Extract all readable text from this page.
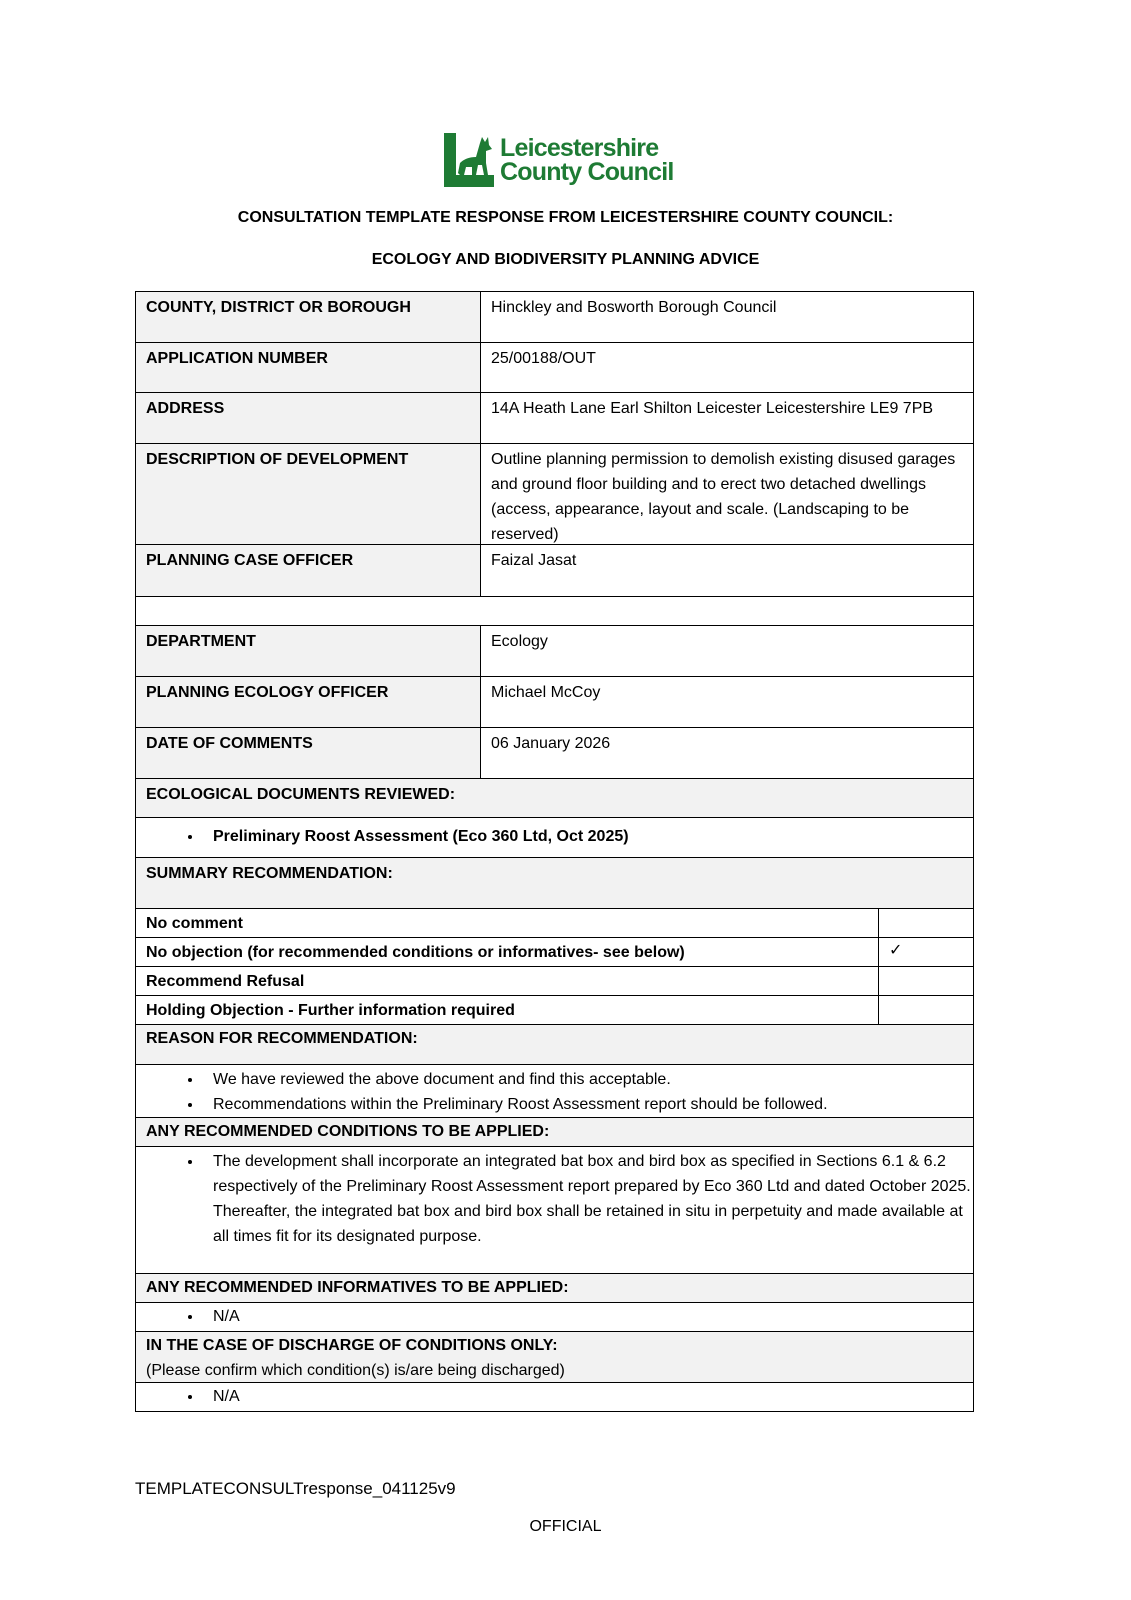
Leicestershire
County Council
CONSULTATION TEMPLATE RESPONSE FROM LEICESTERSHIRE COUNTY COUNCIL:
ECOLOGY AND BIODIVERSITY PLANNING ADVICE
COUNTY, DISTRICT OR BOROUGH	Hinckley and Bosworth Borough Council
APPLICATION NUMBER	25/00188/OUT
ADDRESS	14A Heath Lane Earl Shilton Leicester Leicestershire LE9 7PB
DESCRIPTION OF DEVELOPMENT	Outline planning permission to demolish existing disused garages and ground floor building and to erect two detached dwellings (access, appearance, layout and scale. (Landscaping to be reserved)
PLANNING CASE OFFICER	Faizal Jasat
DEPARTMENT	Ecology
PLANNING ECOLOGY OFFICER	Michael McCoy
DATE OF COMMENTS	06 January 2026
ECOLOGICAL DOCUMENTS REVIEWED:
• Preliminary Roost Assessment (Eco 360 Ltd, Oct 2025)
SUMMARY RECOMMENDATION:
No comment
No objection (for recommended conditions or informatives- see below)	✓
Recommend Refusal
Holding Objection - Further information required
REASON FOR RECOMMENDATION:
• We have reviewed the above document and find this acceptable.
• Recommendations within the Preliminary Roost Assessment report should be followed.
ANY RECOMMENDED CONDITIONS TO BE APPLIED:
• The development shall incorporate an integrated bat box and bird box as specified in Sections 6.1 & 6.2 respectively of the Preliminary Roost Assessment report prepared by Eco 360 Ltd and dated October 2025. Thereafter, the integrated bat box and bird box shall be retained in situ in perpetuity and made available at all times fit for its designated purpose.
ANY RECOMMENDED INFORMATIVES TO BE APPLIED:
• N/A
IN THE CASE OF DISCHARGE OF CONDITIONS ONLY:
(Please confirm which condition(s) is/are being discharged)
• N/A
TEMPLATECONSULTresponse_041125v9
OFFICIAL
